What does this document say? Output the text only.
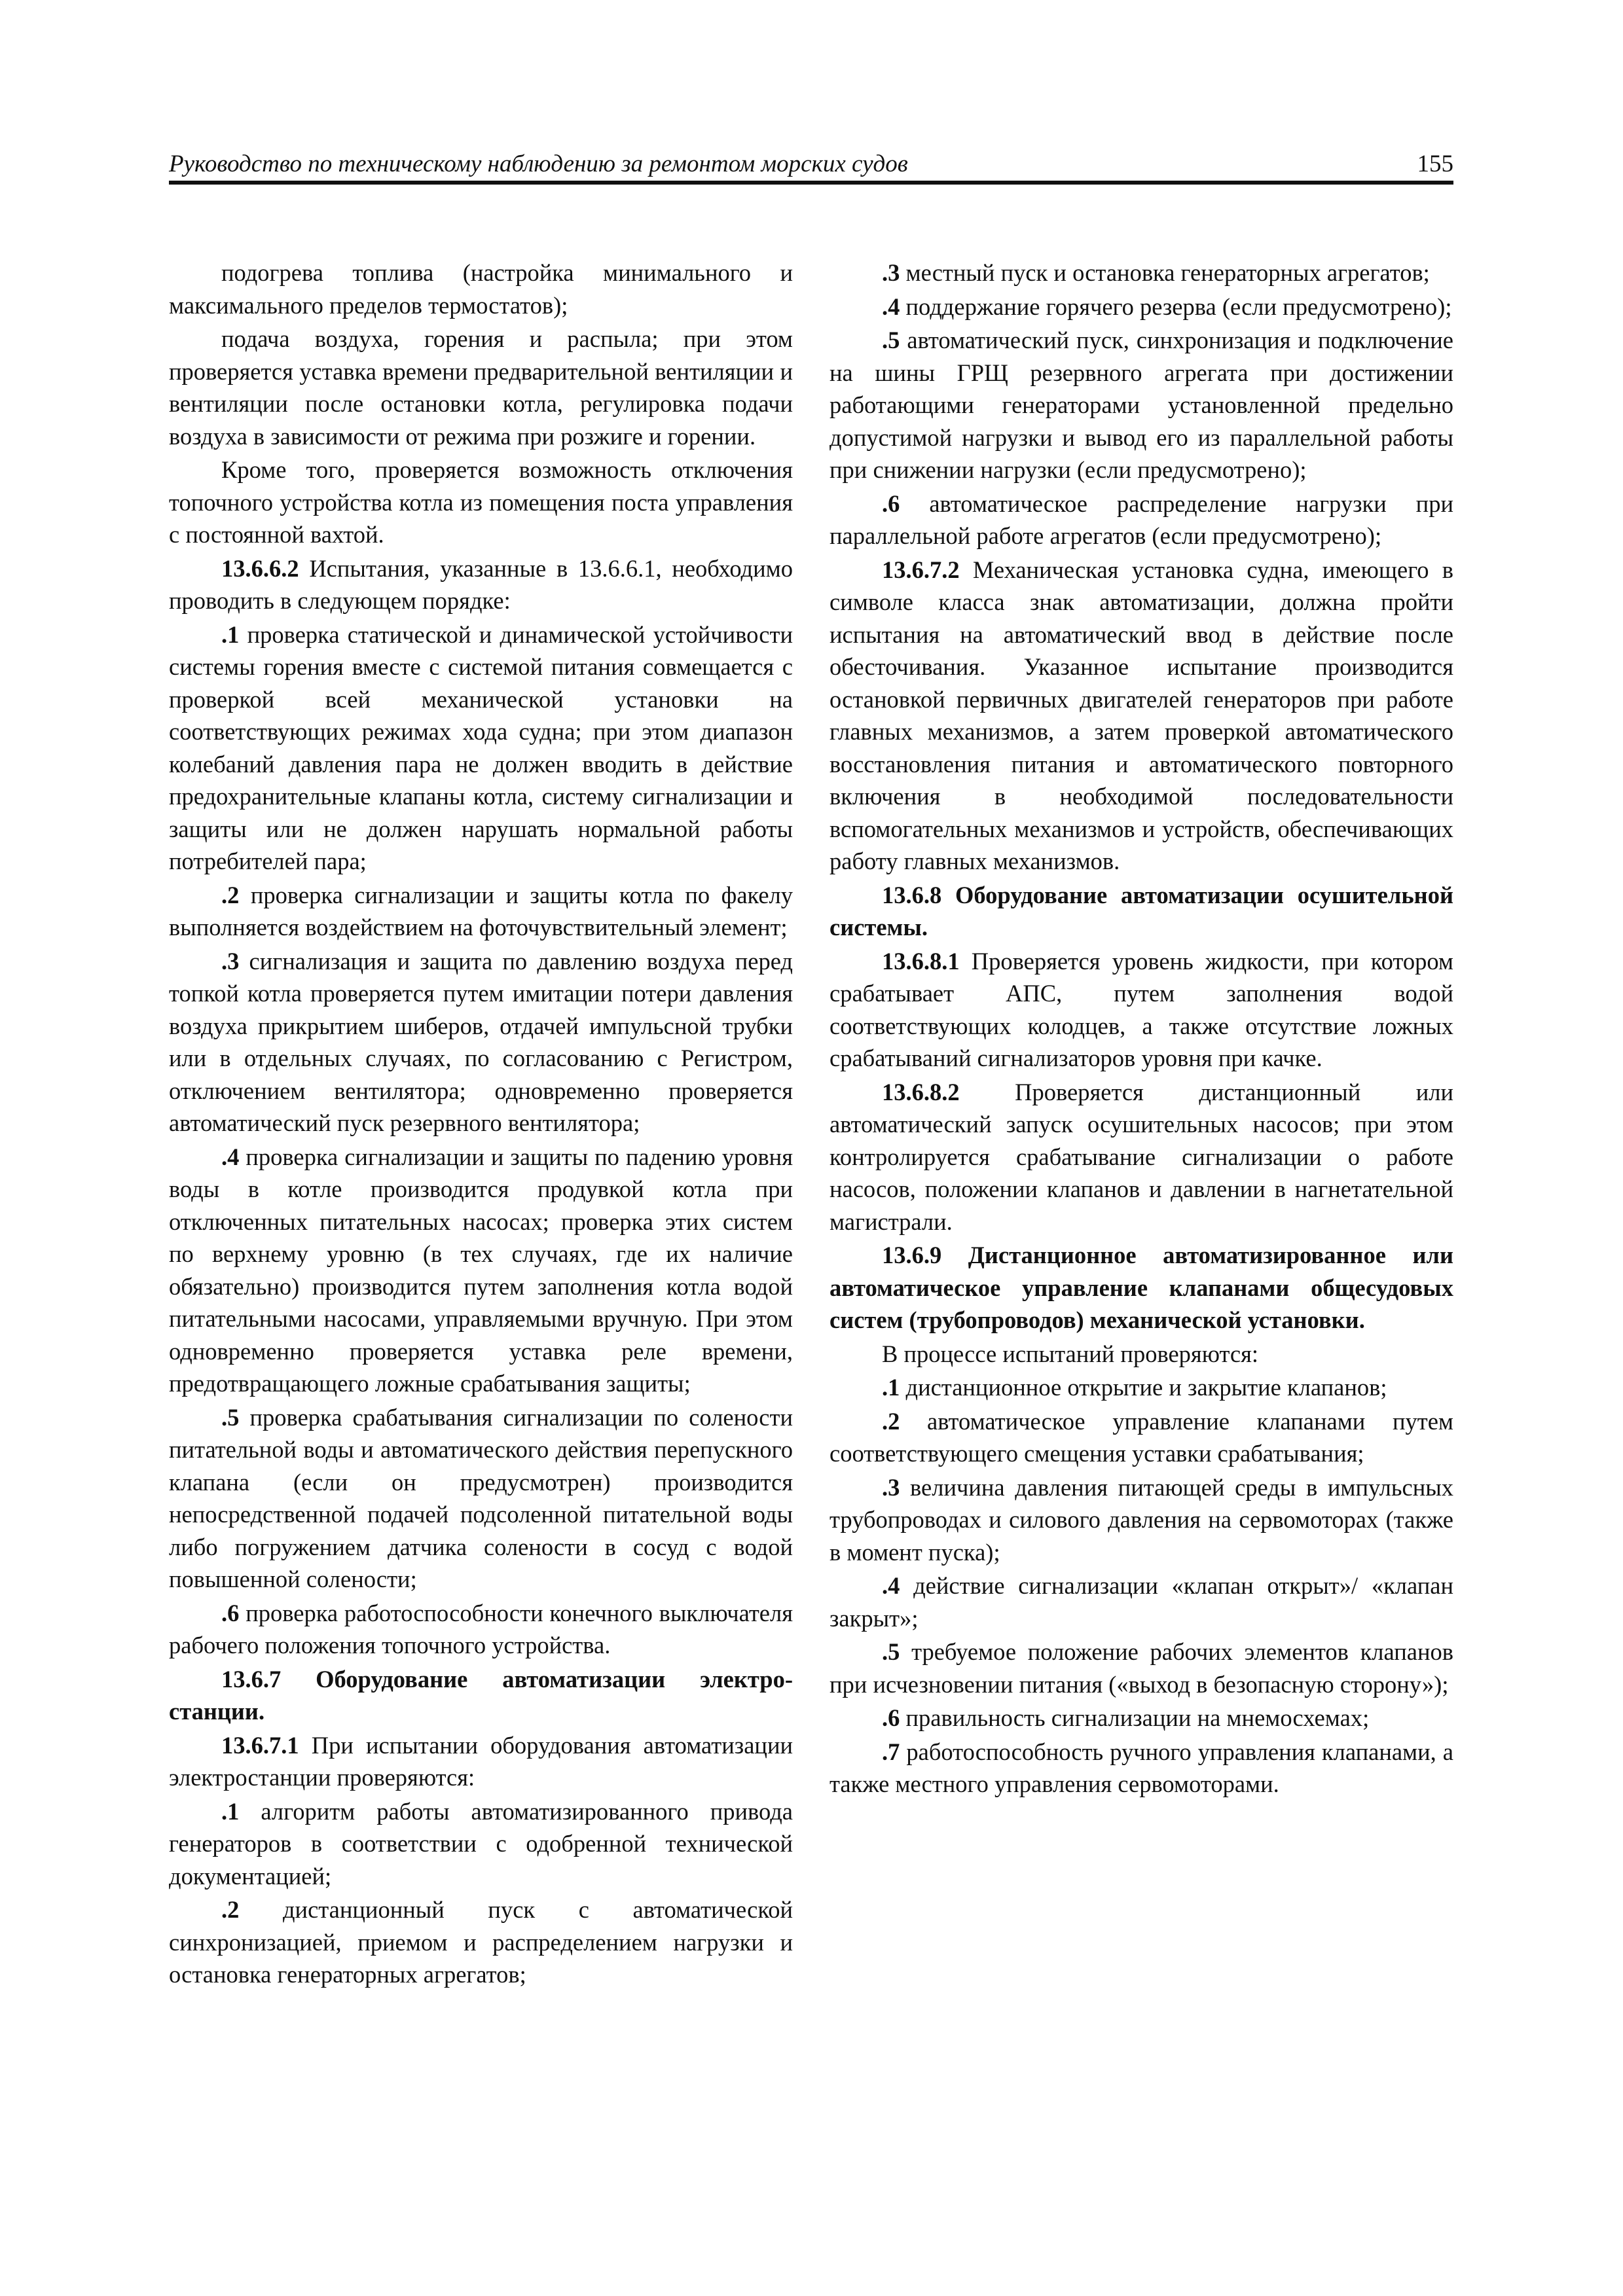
Руководство по техническому наблюдению за ремонтом морских судов	155

подогрева топлива (настройка минимального и максимального пределов термостатов);

подача воздуха, горения и распыла; при этом проверяется уставка времени предварительной вентиляции и вентиляции после остановки котла, регулировка подачи воздуха в зависимости от режима при розжиге и горении.

Кроме того, проверяется возможность отключения топочного устройства котла из помещения поста управления с постоянной вахтой.

13.6.6.2 Испытания, указанные в 13.6.6.1, необходимо проводить в следующем порядке:

.1 проверка статической и динамической устойчивости системы горения вместе с системой питания совмещается с проверкой всей механической установки на соответствующих режимах хода судна; при этом диапазон колебаний давления пара не должен вводить в действие предохранительные клапаны котла, систему сигнализации и защиты или не должен нарушать нормальной работы потребителей пара;

.2 проверка сигнализации и защиты котла по факелу выполняется воздействием на фоточувствительный элемент;

.3 сигнализация и защита по давлению воздуха перед топкой котла проверяется путем имитации потери давления воздуха прикрытием шиберов, отдачей импульсной трубки или в отдельных случаях, по согласованию с Регистром, отключением вентилятора; одновременно проверяется автоматический пуск резервного вентилятора;

.4 проверка сигнализации и защиты по падению уровня воды в котле производится продувкой котла при отключенных питательных насосах; проверка этих систем по верхнему уровню (в тех случаях, где их наличие обязательно) производится путем заполнения котла водой питательными насосами, управляемыми вручную. При этом одновременно проверяется уставка реле времени, предотвращающего ложные срабатывания защиты;

.5 проверка срабатывания сигнализации по солености питательной воды и автоматического действия перепускного клапана (если он предусмотрен) производится непосредственной подачей подсоленной питательной воды либо погружением датчика солености в сосуд с водой повышенной солености;

.6 проверка работоспособности конечного выключателя рабочего положения топочного устройства.

13.6.7 Оборудование автоматизации электростанции.

13.6.7.1 При испытании оборудования автоматизации электростанции проверяются:

.1 алгоритм работы автоматизированного привода генераторов в соответствии с одобренной технической документацией;

.2 дистанционный пуск с автоматической синхронизацией, приемом и распределением нагрузки и остановка генераторных агрегатов;

.3 местный пуск и остановка генераторных агрегатов;

.4 поддержание горячего резерва (если предусмотрено);

.5 автоматический пуск, синхронизация и подключение на шины ГРЩ резервного агрегата при достижении работающими генераторами установленной предельно допустимой нагрузки и вывод его из параллельной работы при снижении нагрузки (если предусмотрено);

.6 автоматическое распределение нагрузки при параллельной работе агрегатов (если предусмотрено);

13.6.7.2 Механическая установка судна, имеющего в символе класса знак автоматизации, должна пройти испытания на автоматический ввод в действие после обесточивания. Указанное испытание производится остановкой первичных двигателей генераторов при работе главных механизмов, а затем проверкой автоматического восстановления питания и автоматического повторного включения в необходимой последовательности вспомогательных механизмов и устройств, обеспечивающих работу главных механизмов.

13.6.8 Оборудование автоматизации осушительной системы.

13.6.8.1 Проверяется уровень жидкости, при котором срабатывает АПС, путем заполнения водой соответствующих колодцев, а также отсутствие ложных срабатываний сигнализаторов уровня при качке.

13.6.8.2 Проверяется дистанционный или автоматический запуск осушительных насосов; при этом контролируется срабатывание сигнализации о работе насосов, положении клапанов и давлении в нагнетательной магистрали.

13.6.9 Дистанционное автоматизированное или автоматическое управление клапанами общесудовых систем (трубопроводов) механической установки.

В процессе испытаний проверяются:

.1 дистанционное открытие и закрытие клапанов;

.2 автоматическое управление клапанами путем соответствующего смещения уставки срабатывания;

.3 величина давления питающей среды в импульсных трубопроводах и силового давления на сервомоторах (также в момент пуска);

.4 действие сигнализации «клапан открыт»/ «клапан закрыт»;

.5 требуемое положение рабочих элементов клапанов при исчезновении питания («выход в безопасную сторону»);

.6 правильность сигнализации на мнемосхемах;

.7 работоспособность ручного управления клапанами, а также местного управления сервомоторами.
